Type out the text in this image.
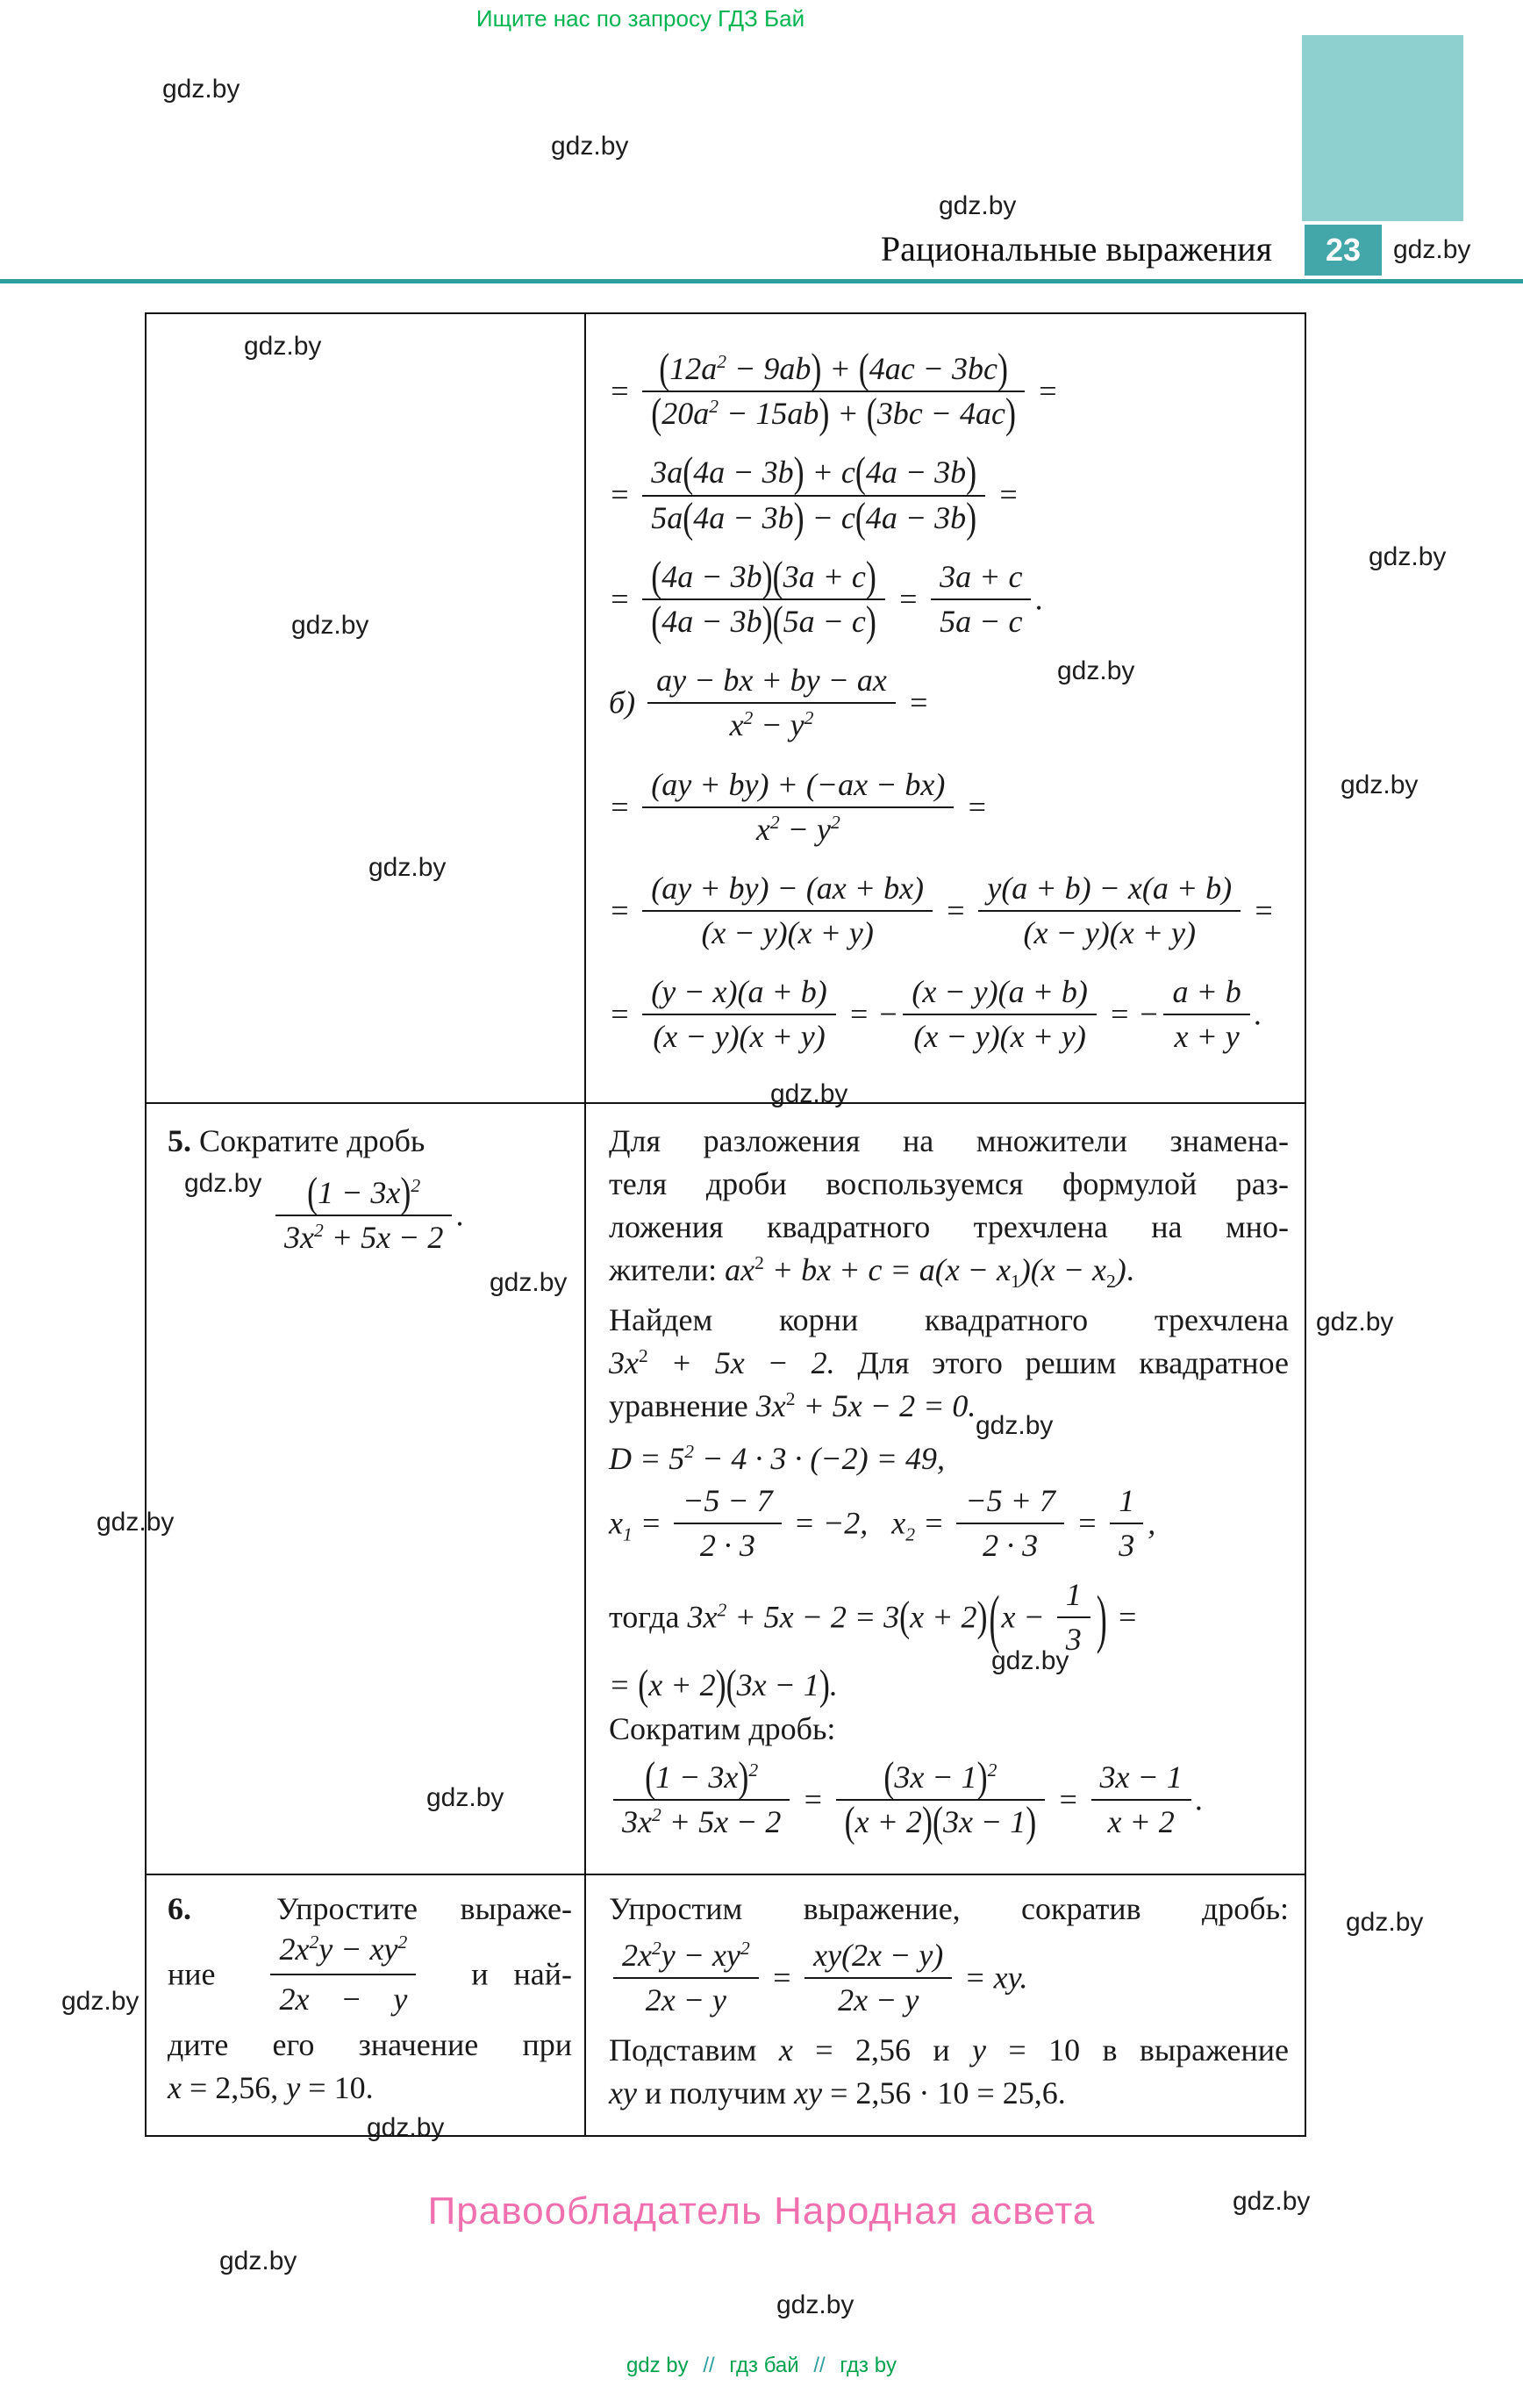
Ищите нас по запросу ГДЗ Бай
gdz.by
gdz.by
gdz.by
gdz.by
gdz.by
gdz.by
gdz.by
gdz.by
gdz.by
gdz.by
gdz.by
gdz.by
gdz.by
gdz.by
gdz.by
gdz.by
gdz.by
gdz.by
gdz.by
gdz.by
gdz.by
gdz.by
gdz.by
gdz.by
23
Рациональные выражения
= $\frac{(12a^2 - 9ab) + (4ac - 3bc)}{(20a^2 - 15ab) + (3bc - 4ac)}$ =
= $\frac{3a(4a - 3b) + c(4a - 3b)}{5a(4a - 3b) - c(4a - 3b)}$ =
= $\frac{(4a - 3b)(3a + c)}{(4a - 3b)(5a - c)} = \frac{3a + c}{5a - c}$ .
$б) \frac{ay - bx + by - ax}{x^2 - y^2}$ =
= $\frac{(ay + by) + (-ax - bx)}{x^2 - y^2}$ =
= $\frac{(ay + by) - (ax + bx)}{(x - y)(x + y)} = \frac{y(a + b) - x(a + b)}{(x - y)(x + y)}$ =
= $\frac{(y - x)(a + b)}{(x - y)(x + y)}$ = − $\frac{(x - y)(a + b)}{(x - y)(x + y)}$ = − $\frac{a + b}{x + y}$ .
5. Сократите дробь
$\frac{(1 - 3x)^2}{3x^2 + 5x - 2}$ .
Для разложения на множители знамена-
теля дроби воспользуемся формулой раз-
ложения квадратного трехчлена на мно-
жители: $ax^2$ + bx + $c = a(x - x_1)(x - x_2)$.
Найдем корни квадратного трехчлена
$3x^2 + 5x - 2$. Для этого решим квадратное
уравнение $3x^2 + 5x - 2 = 0$.
$D = 5^2 - 4 \cdot 3 \cdot (-2) = 49$,
$x_1 = \frac{-5 - 7}{2 \cdot 3} = -2$,   $x_2 = \frac{-5 + 7}{2 \cdot 3} = \frac{1}{3}$ ,
тогда $3x^2 + 5x - 2 = 3(x + 2)(x - \frac{1}{3}$ ) =
= (x + 2)(3x − 1).
Сократим дробь:
$\frac{(1 - 3x)^2}{3x^2 + 5x - 2} = \frac{(3x - 1)^2}{(x + 2)(3x - 1)} = \frac{3x - 1}{x + 2}$ .
6.  Упростите выраже-
ние $\frac{2x^2y - xy^2}{2x - y}$ и най-
дите его значение при
x = 2,56, y = 10.
Упростим выражение, сократив дробь:
$\frac{2x^2y - xy^2}{2x - y} = \frac{xy(2x - y)}{2x - y}$ = xy.
Подставим x = 2,56 и y = 10 в выражение
xy и получим xy = 2,56 · 10 = 25,6.
Правообладатель Народная асвета
gdz by // гдз бай // гдз by
